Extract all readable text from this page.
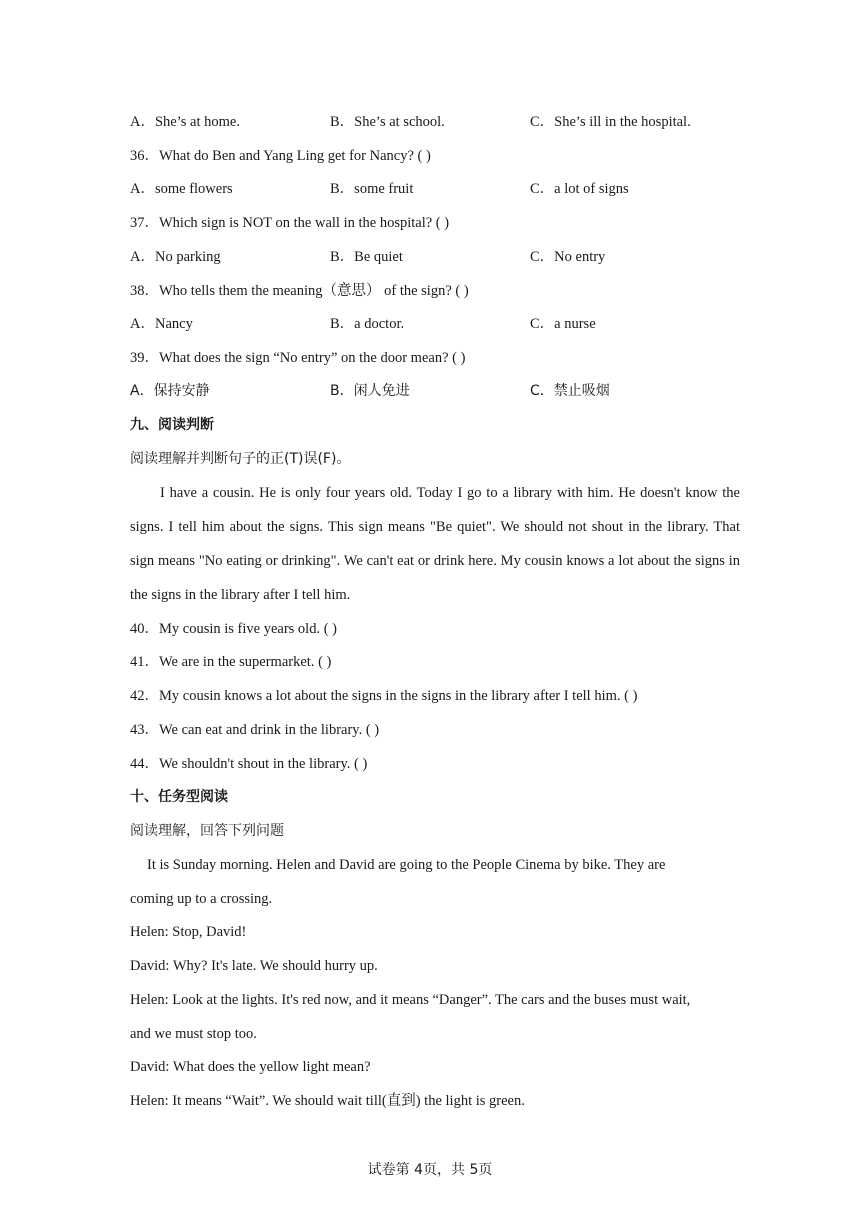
A．She’s at home.	B．She’s at school.	C．She’s ill in the hospital.
36．What do Ben and Yang Ling get for Nancy? ( )
A．some flowers	B．some fruit	C．a lot of signs
37．Which sign is NOT on the wall in the hospital? ( )
A．No parking	B．Be quiet	C．No entry
38．Who tells them the meaning（意思） of the sign? ( )
A．Nancy	B．a doctor.	C．a nurse
39．What does the sign “No entry” on the door mean? ( )
A．保持安静	B．闲人免进	C．禁止吸烟
九、阅读判断
阅读理解并判断句子的正(T)误(F)。
I have a cousin. He is only four years old. Today I go to a library with him. He doesn't know the signs. I tell him about the signs. This sign means "Be quiet". We should not shout in the library. That sign means "No eating or drinking". We can't eat or drink here. My cousin knows a lot about the signs in the signs in the library after I tell him.
40．My cousin is five years old. ( )
41．We are in the supermarket. ( )
42．My cousin knows a lot about the signs in the signs in the library after I tell him. ( )
43．We can eat and drink in the library. ( )
44．We shouldn't shout in the library. ( )
十、任务型阅读
阅读理解，回答下列问题
It is Sunday morning. Helen and David are going to the People Cinema by bike. They are coming up to a crossing.
Helen: Stop, David!
David: Why? It's late. We should hurry up.
Helen: Look at the lights. It's red now, and it means “Danger”. The cars and the buses must wait,
and we must stop too.
David: What does the yellow light mean?
Helen: It means “Wait”. We should wait till(直到) the light is green.
试卷第 4页，共 5页
